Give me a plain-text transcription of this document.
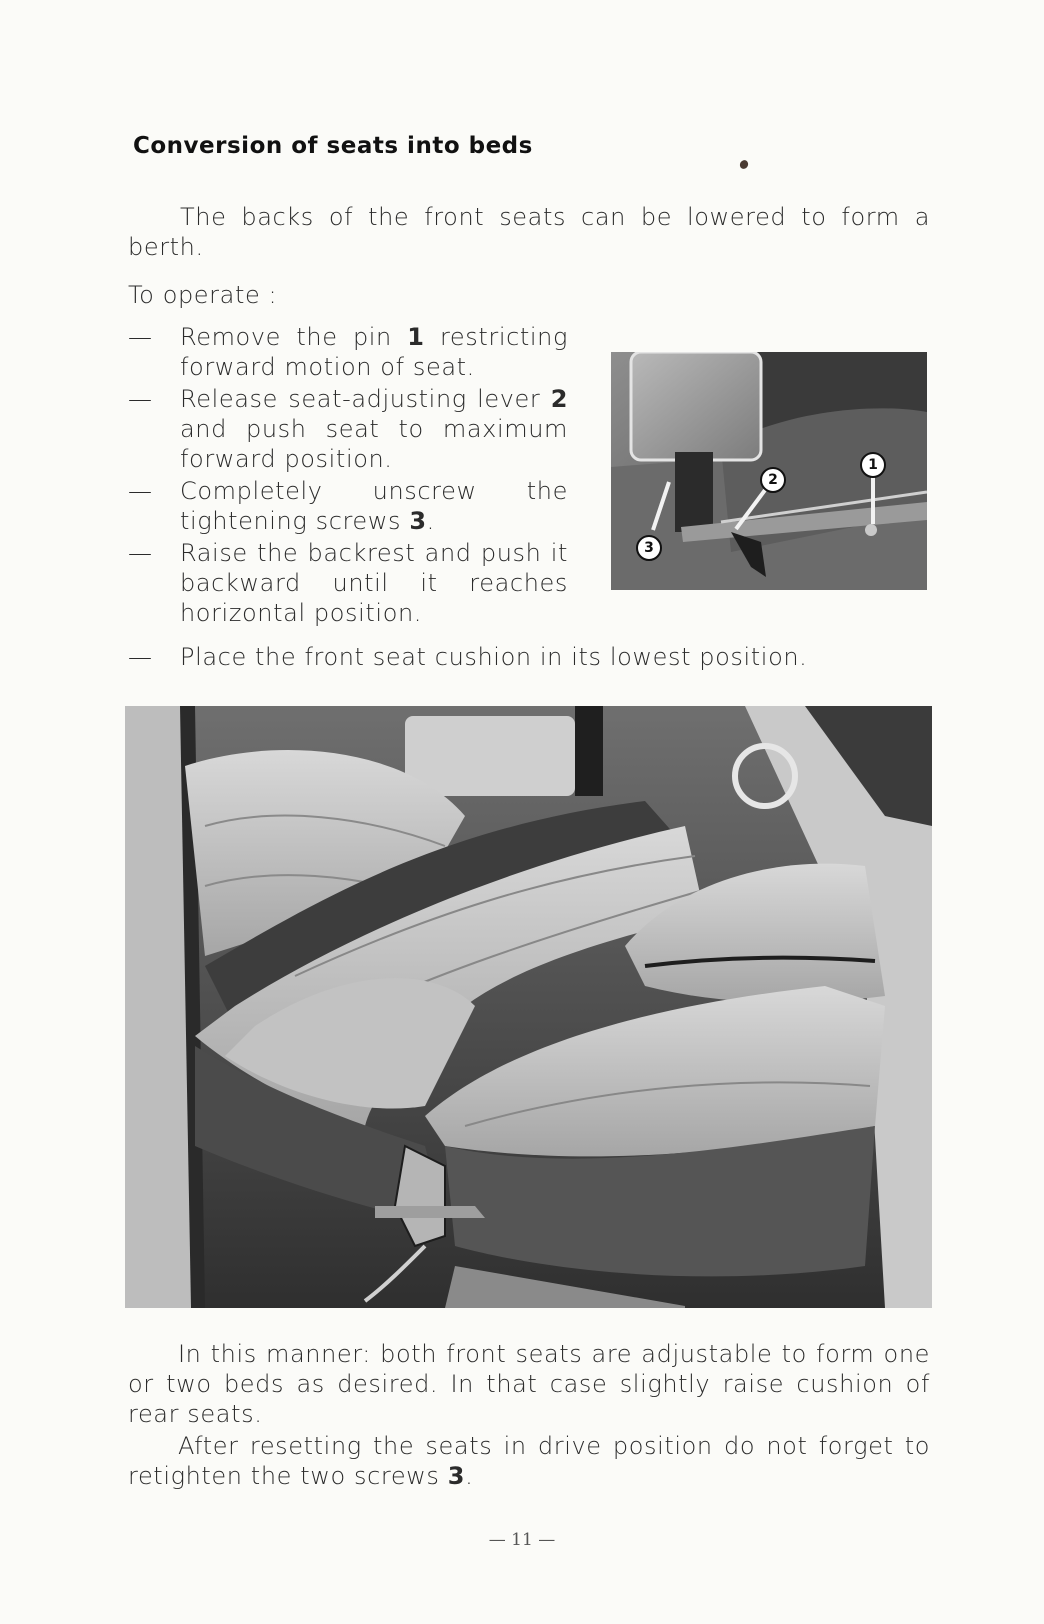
Conversion of seats into beds
The backs of the front seats can be lowered to form a berth.
To operate :
— Remove the pin 1 restricting forward motion of seat.
— Release seat-adjusting lever 2 and push seat to maximum forward position.
— Completely unscrew the tightening screws 3.
— Raise the backrest and push it backward until it reaches horizontal position.
— Place the front seat cushion in its lowest position.
1
2
3
In this manner: both front seats are adjustable to form one or two beds as desired. In that case slightly raise cushion of rear seats.
After resetting the seats in drive position do not forget to retighten the two screws 3.
— 11 —
